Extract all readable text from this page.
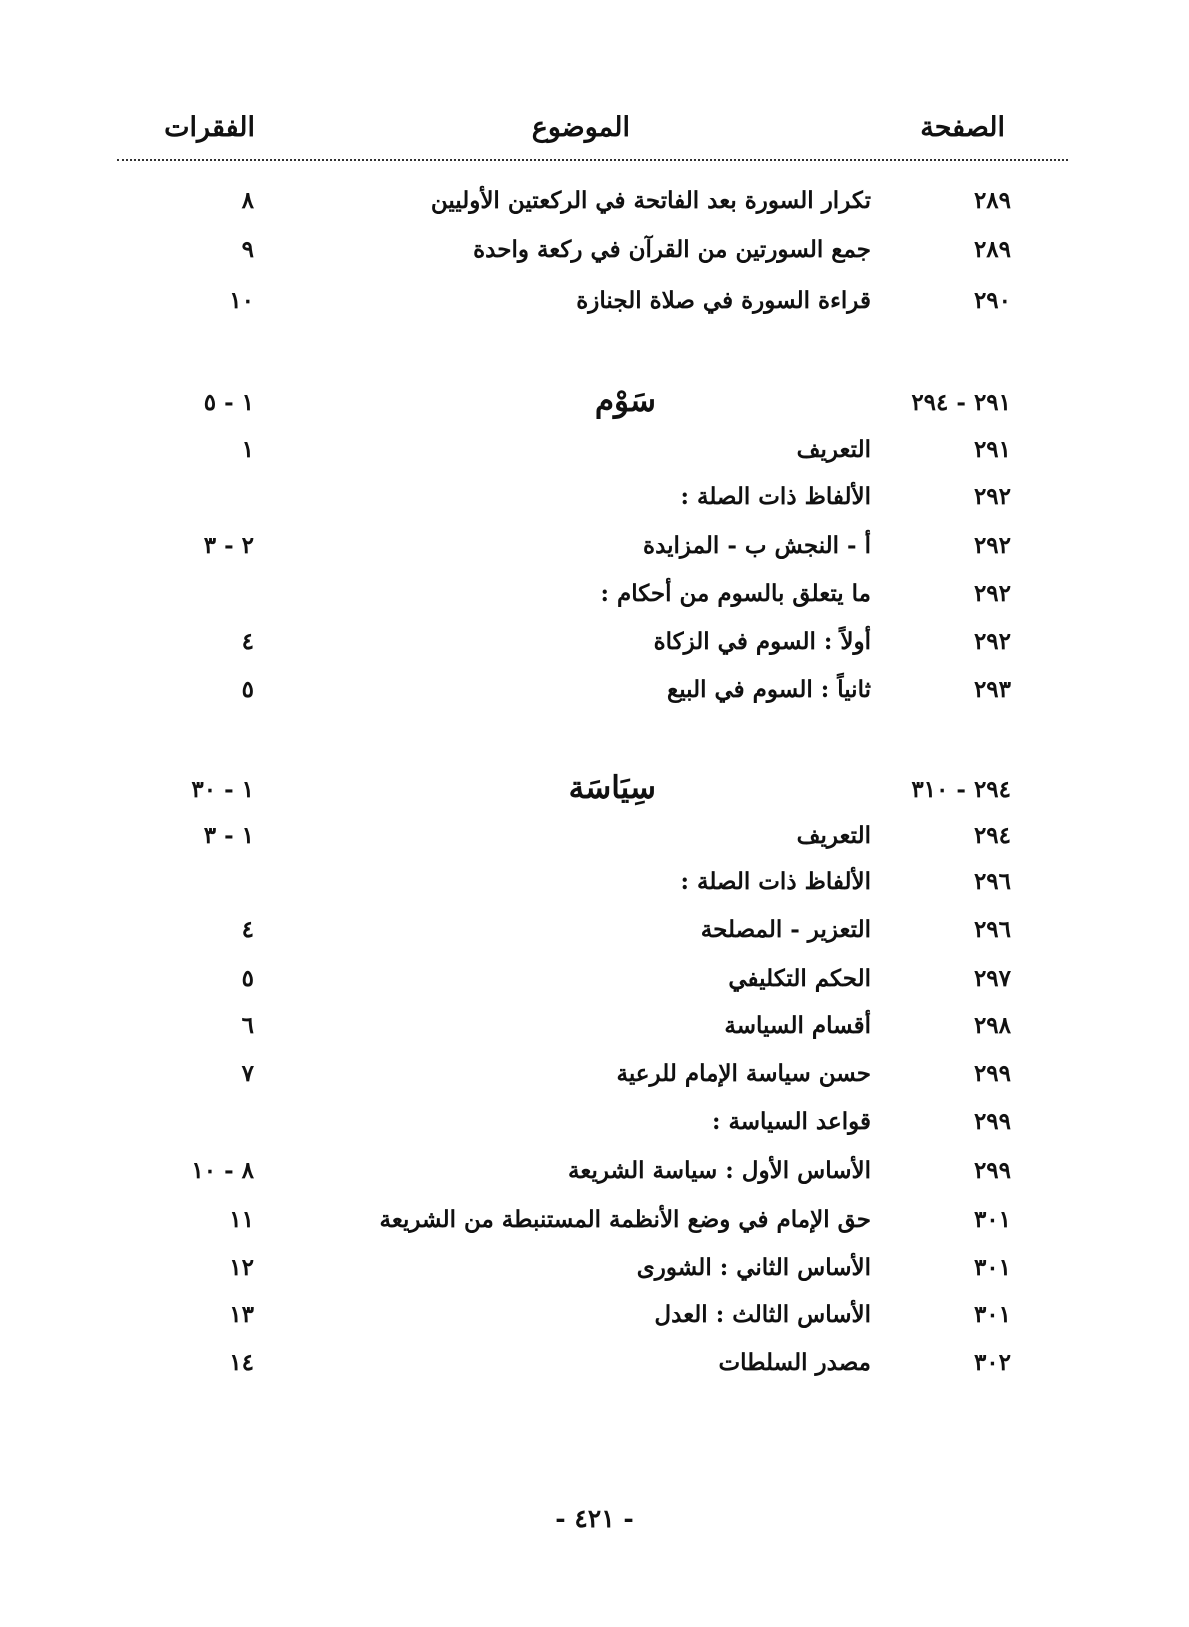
الصفحة
الموضوع
الفقرات
٢٨٩
تكرار السورة بعد الفاتحة في الركعتين الأوليين
٨
٢٨٩
جمع السورتين من القرآن في ركعة واحدة
٩
٢٩٠
قراءة السورة في صلاة الجنازة
١٠
٢٩١ - ٢٩٤
سَوْم
١ - ٥
٢٩١
التعريف
١
٢٩٢
الألفاظ ذات الصلة :
٢٩٢
أ - النجش ب - المزايدة
٢ - ٣
٢٩٢
ما يتعلق بالسوم من أحكام :
٢٩٢
أولاً : السوم في الزكاة
٤
٢٩٣
ثانياً : السوم في البيع
٥
٢٩٤ - ٣١٠
سِيَاسَة
١ - ٣٠
٢٩٤
التعريف
١ - ٣
٢٩٦
الألفاظ ذات الصلة :
٢٩٦
التعزير - المصلحة
٤
٢٩٧
الحكم التكليفي
٥
٢٩٨
أقسام السياسة
٦
٢٩٩
حسن سياسة الإمام للرعية
٧
٢٩٩
قواعد السياسة :
٢٩٩
الأساس الأول : سياسة الشريعة
٨ - ١٠
٣٠١
حق الإمام في وضع الأنظمة المستنبطة من الشريعة
١١
٣٠١
الأساس الثاني : الشورى
١٢
٣٠١
الأساس الثالث : العدل
١٣
٣٠٢
مصدر السلطات
١٤
- ٤٢١ -
